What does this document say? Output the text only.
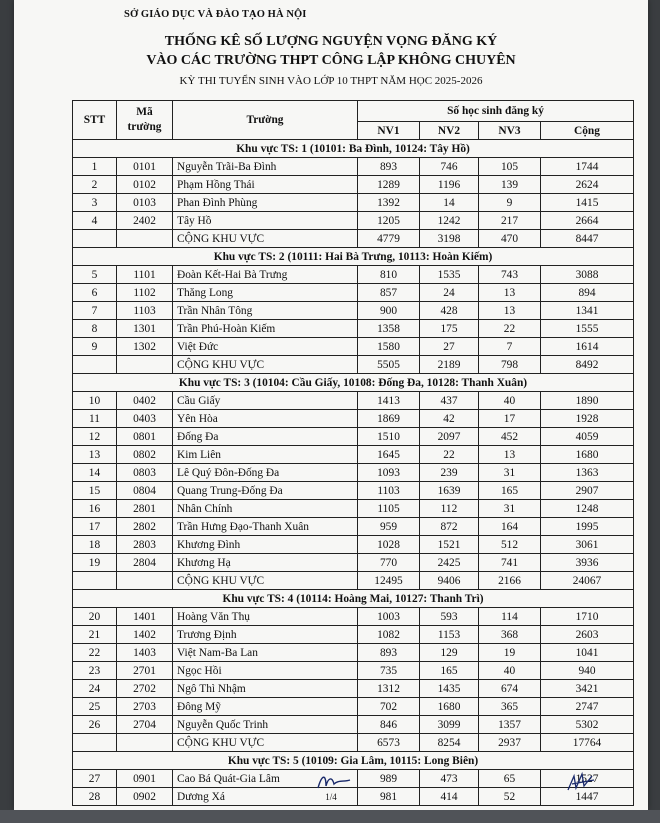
SỞ GIÁO DỤC VÀ ĐÀO TẠO HÀ NỘI
THỐNG KÊ SỐ LƯỢNG NGUYỆN VỌNG ĐĂNG KÝ
VÀO CÁC TRƯỜNG THPT CÔNG LẬP KHÔNG CHUYÊN
KỲ THI TUYỂN SINH VÀO LỚP 10 THPT NĂM HỌC 2025-2026
STT	Mã trường	Trường	Số học sinh đăng ký			
			NV1	NV2	NV3	Cộng
Khu vực TS: 1 (10101: Ba Đình, 10124: Tây Hồ)						
1	0101	Nguyễn Trãi-Ba Đình	893	746	105	1744
2	0102	Phạm Hồng Thái	1289	1196	139	2624
3	0103	Phan Đình Phùng	1392	14	9	1415
4	2402	Tây Hồ	1205	1242	217	2664
		CỘNG KHU VỰC	4779	3198	470	8447
Khu vực TS: 2 (10111: Hai Bà Trưng, 10113: Hoàn Kiếm)						
5	1101	Đoàn Kết-Hai Bà Trưng	810	1535	743	3088
6	1102	Thăng Long	857	24	13	894
7	1103	Trần Nhân Tông	900	428	13	1341
8	1301	Trần Phú-Hoàn Kiếm	1358	175	22	1555
9	1302	Việt Đức	1580	27	7	1614
		CỘNG KHU VỰC	5505	2189	798	8492
Khu vực TS: 3 (10104: Cầu Giấy, 10108: Đống Đa, 10128: Thanh Xuân)						
10	0402	Cầu Giấy	1413	437	40	1890
11	0403	Yên Hòa	1869	42	17	1928
12	0801	Đống Đa	1510	2097	452	4059
13	0802	Kim Liên	1645	22	13	1680
14	0803	Lê Quý Đôn-Đống Đa	1093	239	31	1363
15	0804	Quang Trung-Đống Đa	1103	1639	165	2907
16	2801	Nhân Chính	1105	112	31	1248
17	2802	Trần Hưng Đạo-Thanh Xuân	959	872	164	1995
18	2803	Khương Đình	1028	1521	512	3061
19	2804	Khương Hạ	770	2425	741	3936
		CỘNG KHU VỰC	12495	9406	2166	24067
Khu vực TS: 4 (10114: Hoàng Mai, 10127: Thanh Trì)						
20	1401	Hoàng Văn Thụ	1003	593	114	1710
21	1402	Trương Định	1082	1153	368	2603
22	1403	Việt Nam-Ba Lan	893	129	19	1041
23	2701	Ngọc Hồi	735	165	40	940
24	2702	Ngô Thì Nhậm	1312	1435	674	3421
25	2703	Đông Mỹ	702	1680	365	2747
26	2704	Nguyễn Quốc Trinh	846	3099	1357	5302
		CỘNG KHU VỰC	6573	8254	2937	17764
Khu vực TS: 5 (10109: Gia Lâm, 10115: Long Biên)						
27	0901	Cao Bá Quát-Gia Lâm	989	473	65	1527
28	0902	Dương Xá	981	414	52	1447
1/4
